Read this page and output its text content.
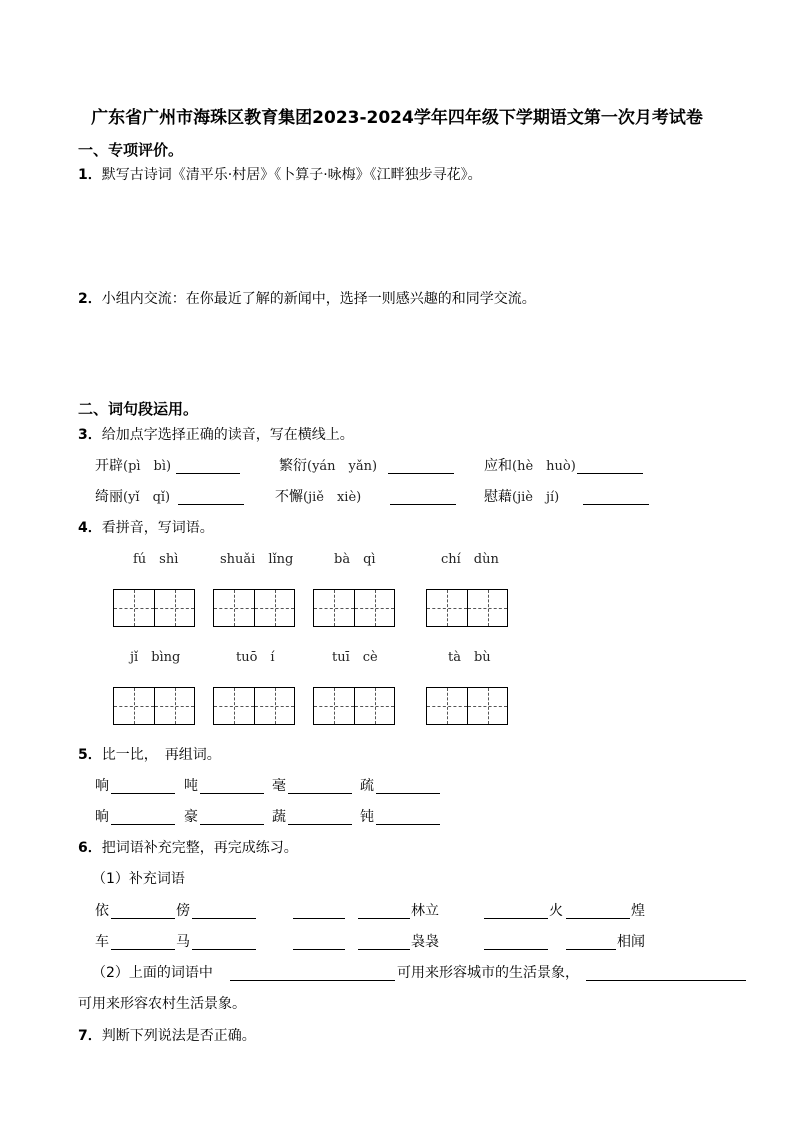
广东省广州市海珠区教育集团2023-2024学年四年级下学期语文第一次月考试卷
一、专项评价。
1．默写古诗词《清平乐·村居》《卜算子·咏梅》《江畔独步寻花》。
2．小组内交流：在你最近了解的新闻中，选择一则感兴趣的和同学交流。
二、词句段运用。
3．给加点字选择正确的读音，写在横线上。
开辟(pì　bì)	繁衍(yán　yǎn)	应和(hè　huò)
绮丽(yǐ　qǐ)	不懈(jiě　xiè)	慰藉(jiè　jí)
4．看拼音，写词语。
fú　shì	shuǎi　lǐng	bà　qì	chí　dùn
jǐ　bìng	tuō　í	tuī　cè	tà　bù
5．比一比，　再组词。
响	吨	毫	疏
晌	豪	蔬	钝
6．把词语补充完整，再完成练习。
（1）补充词语
依	傍	林立	火	煌
车	马	袅袅	相闻
（2）上面的词语中	可用来形容城市的生活景象，
可用来形容农村生活景象。
7．判断下列说法是否正确。
